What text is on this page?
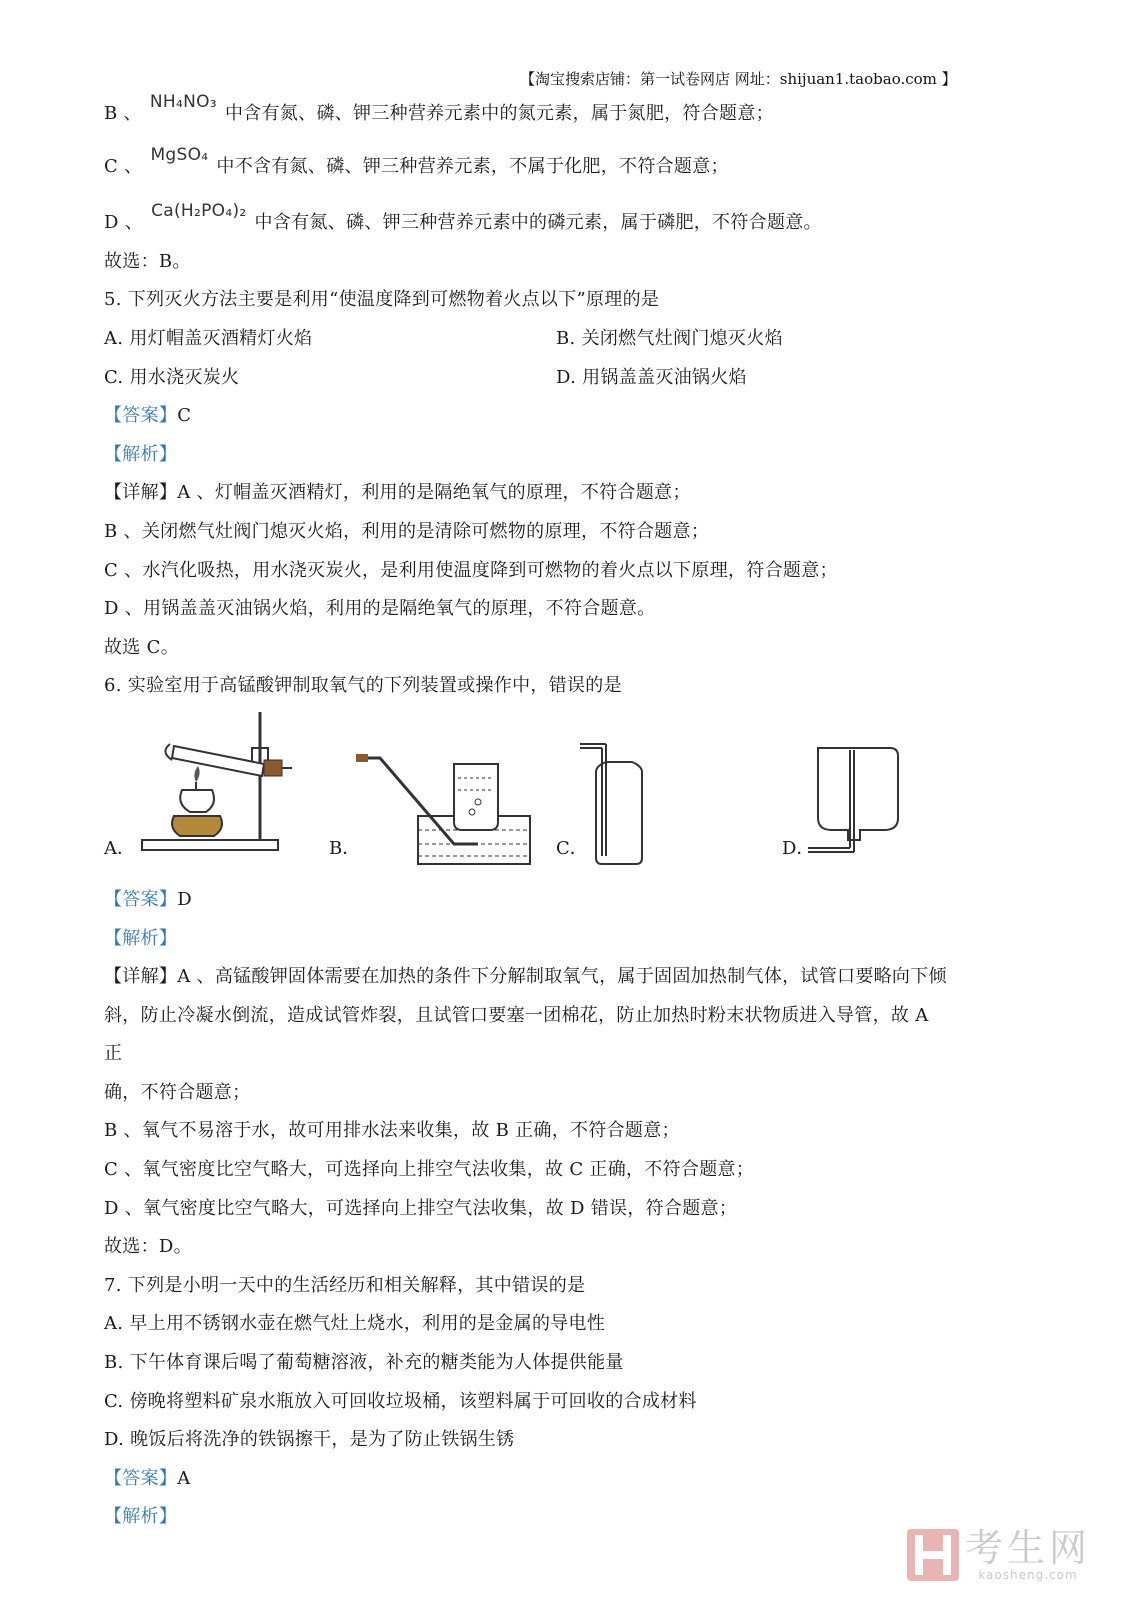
【淘宝搜索店铺：第一试卷网店 网址：shijuan1.taobao.com 】
B 、 NH₄NO₃ 中含有氮、磷、钾三种营养元素中的氮元素，属于氮肥，符合题意；
C 、 MgSO₄ 中不含有氮、磷、钾三种营养元素，不属于化肥，不符合题意；
D 、 Ca(H₂PO₄)₂ 中含有氮、磷、钾三种营养元素中的磷元素，属于磷肥，不符合题意。
故选：B。
5. 下列灭火方法主要是利用“使温度降到可燃物着火点以下”原理的是
A. 用灯帽盖灭酒精灯火焰	B. 关闭燃气灶阀门熄灭火焰
C. 用水浇灭炭火	D. 用锅盖盖灭油锅火焰
【答案】C
【解析】
【详解】A 、灯帽盖灭酒精灯，利用的是隔绝氧气的原理，不符合题意；
B 、关闭燃气灶阀门熄灭火焰，利用的是清除可燃物的原理，不符合题意；
C 、水汽化吸热，用水浇灭炭火，是利用使温度降到可燃物的着火点以下原理，符合题意；
D 、用锅盖盖灭油锅火焰，利用的是隔绝氧气的原理，不符合题意。
故选 C。
6. 实验室用于高锰酸钾制取氧气的下列装置或操作中，错误的是
A．	B．	C．	D．
【答案】D
【解析】
【详解】A 、高锰酸钾固体需要在加热的条件下分解制取氧气，属于固固加热制气体，试管口要略向下倾
斜，防止冷凝水倒流，造成试管炸裂，且试管口要塞一团棉花，防止加热时粉末状物质进入导管，故 A
正
确，不符合题意；
B 、氧气不易溶于水，故可用排水法来收集，故 B 正确，不符合题意；
C 、氧气密度比空气略大，可选择向上排空气法收集，故 C 正确，不符合题意；
D 、氧气密度比空气略大，可选择向上排空气法收集，故 D 错误，符合题意；
故选：D。
7. 下列是小明一天中的生活经历和相关解释，其中错误的是
A. 早上用不锈钢水壶在燃气灶上烧水，利用的是金属的导电性
B. 下午体育课后喝了葡萄糖溶液，补充的糖类能为人体提供能量
C. 傍晚将塑料矿泉水瓶放入可回收垃圾桶，该塑料属于可回收的合成材料
D. 晚饭后将洗净的铁锅擦干，是为了防止铁锅生锈
【答案】A
【解析】
考生网
kaosheng.com
